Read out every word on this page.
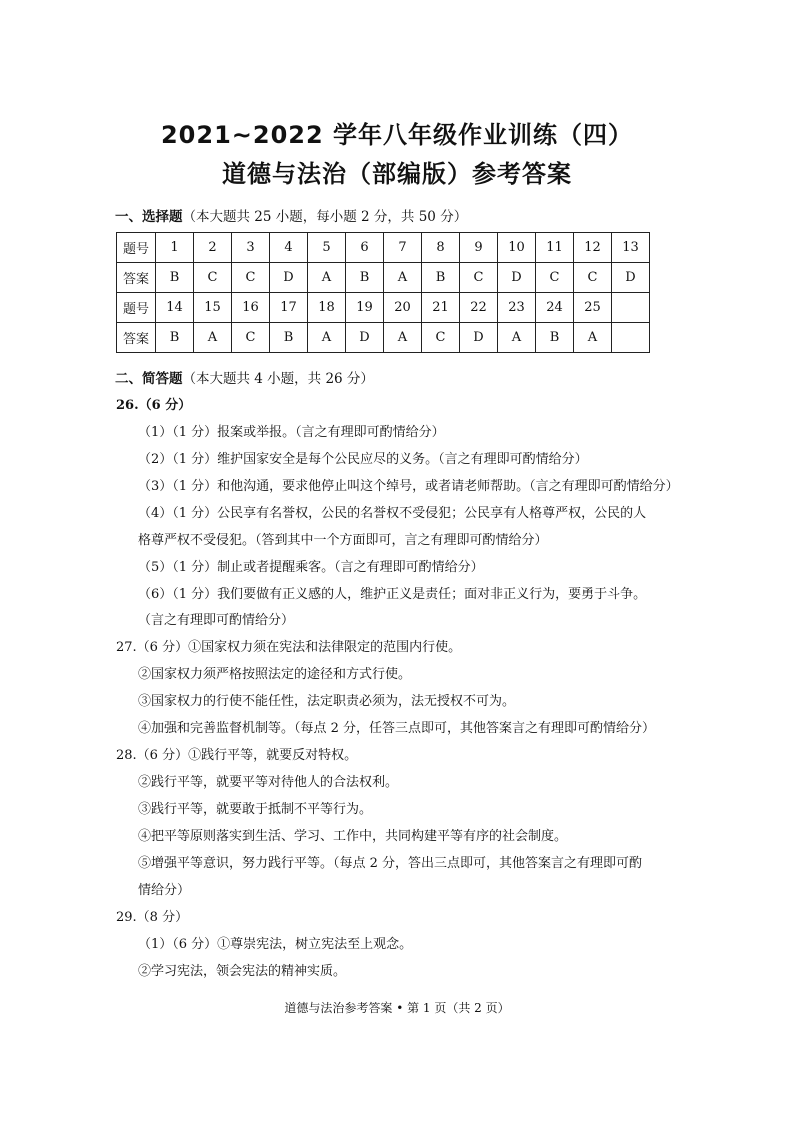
2021~2022 学年八年级作业训练（四）
道德与法治（部编版）参考答案
一、选择题（本大题共 25 小题，每小题 2 分，共 50 分）
题号	1	2	3	4	5	6	7	8	9	10	11	12	13
答案	B	C	C	D	A	B	A	B	C	D	C	C	D
题号	14	15	16	17	18	19	20	21	22	23	24	25	
答案	B	A	C	B	A	D	A	C	D	A	B	A	
二、简答题（本大题共 4 小题，共 26 分）
26.（6 分）
（1）（1 分）报案或举报。（言之有理即可酌情给分）
（2）（1 分）维护国家安全是每个公民应尽的义务。（言之有理即可酌情给分）
（3）（1 分）和他沟通，要求他停止叫这个绰号，或者请老师帮助。（言之有理即可酌情给分）
（4）（1 分）公民享有名誉权，公民的名誉权不受侵犯；公民享有人格尊严权，公民的人
格尊严权不受侵犯。（答到其中一个方面即可，言之有理即可酌情给分）
（5）（1 分）制止或者提醒乘客。（言之有理即可酌情给分）
（6）（1 分）我们要做有正义感的人，维护正义是责任；面对非正义行为，要勇于斗争。
（言之有理即可酌情给分）
27.（6 分）①国家权力须在宪法和法律限定的范围内行使。
②国家权力须严格按照法定的途径和方式行使。
③国家权力的行使不能任性，法定职责必须为，法无授权不可为。
④加强和完善监督机制等。（每点 2 分，任答三点即可，其他答案言之有理即可酌情给分）
28.（6 分）①践行平等，就要反对特权。
②践行平等，就要平等对待他人的合法权利。
③践行平等，就要敢于抵制不平等行为。
④把平等原则落实到生活、学习、工作中，共同构建平等有序的社会制度。
⑤增强平等意识，努力践行平等。（每点 2 分，答出三点即可，其他答案言之有理即可酌
情给分）
29.（8 分）
（1）（6 分）①尊崇宪法，树立宪法至上观念。
②学习宪法，领会宪法的精神实质。
道德与法治参考答案 • 第 1 页（共 2 页）
